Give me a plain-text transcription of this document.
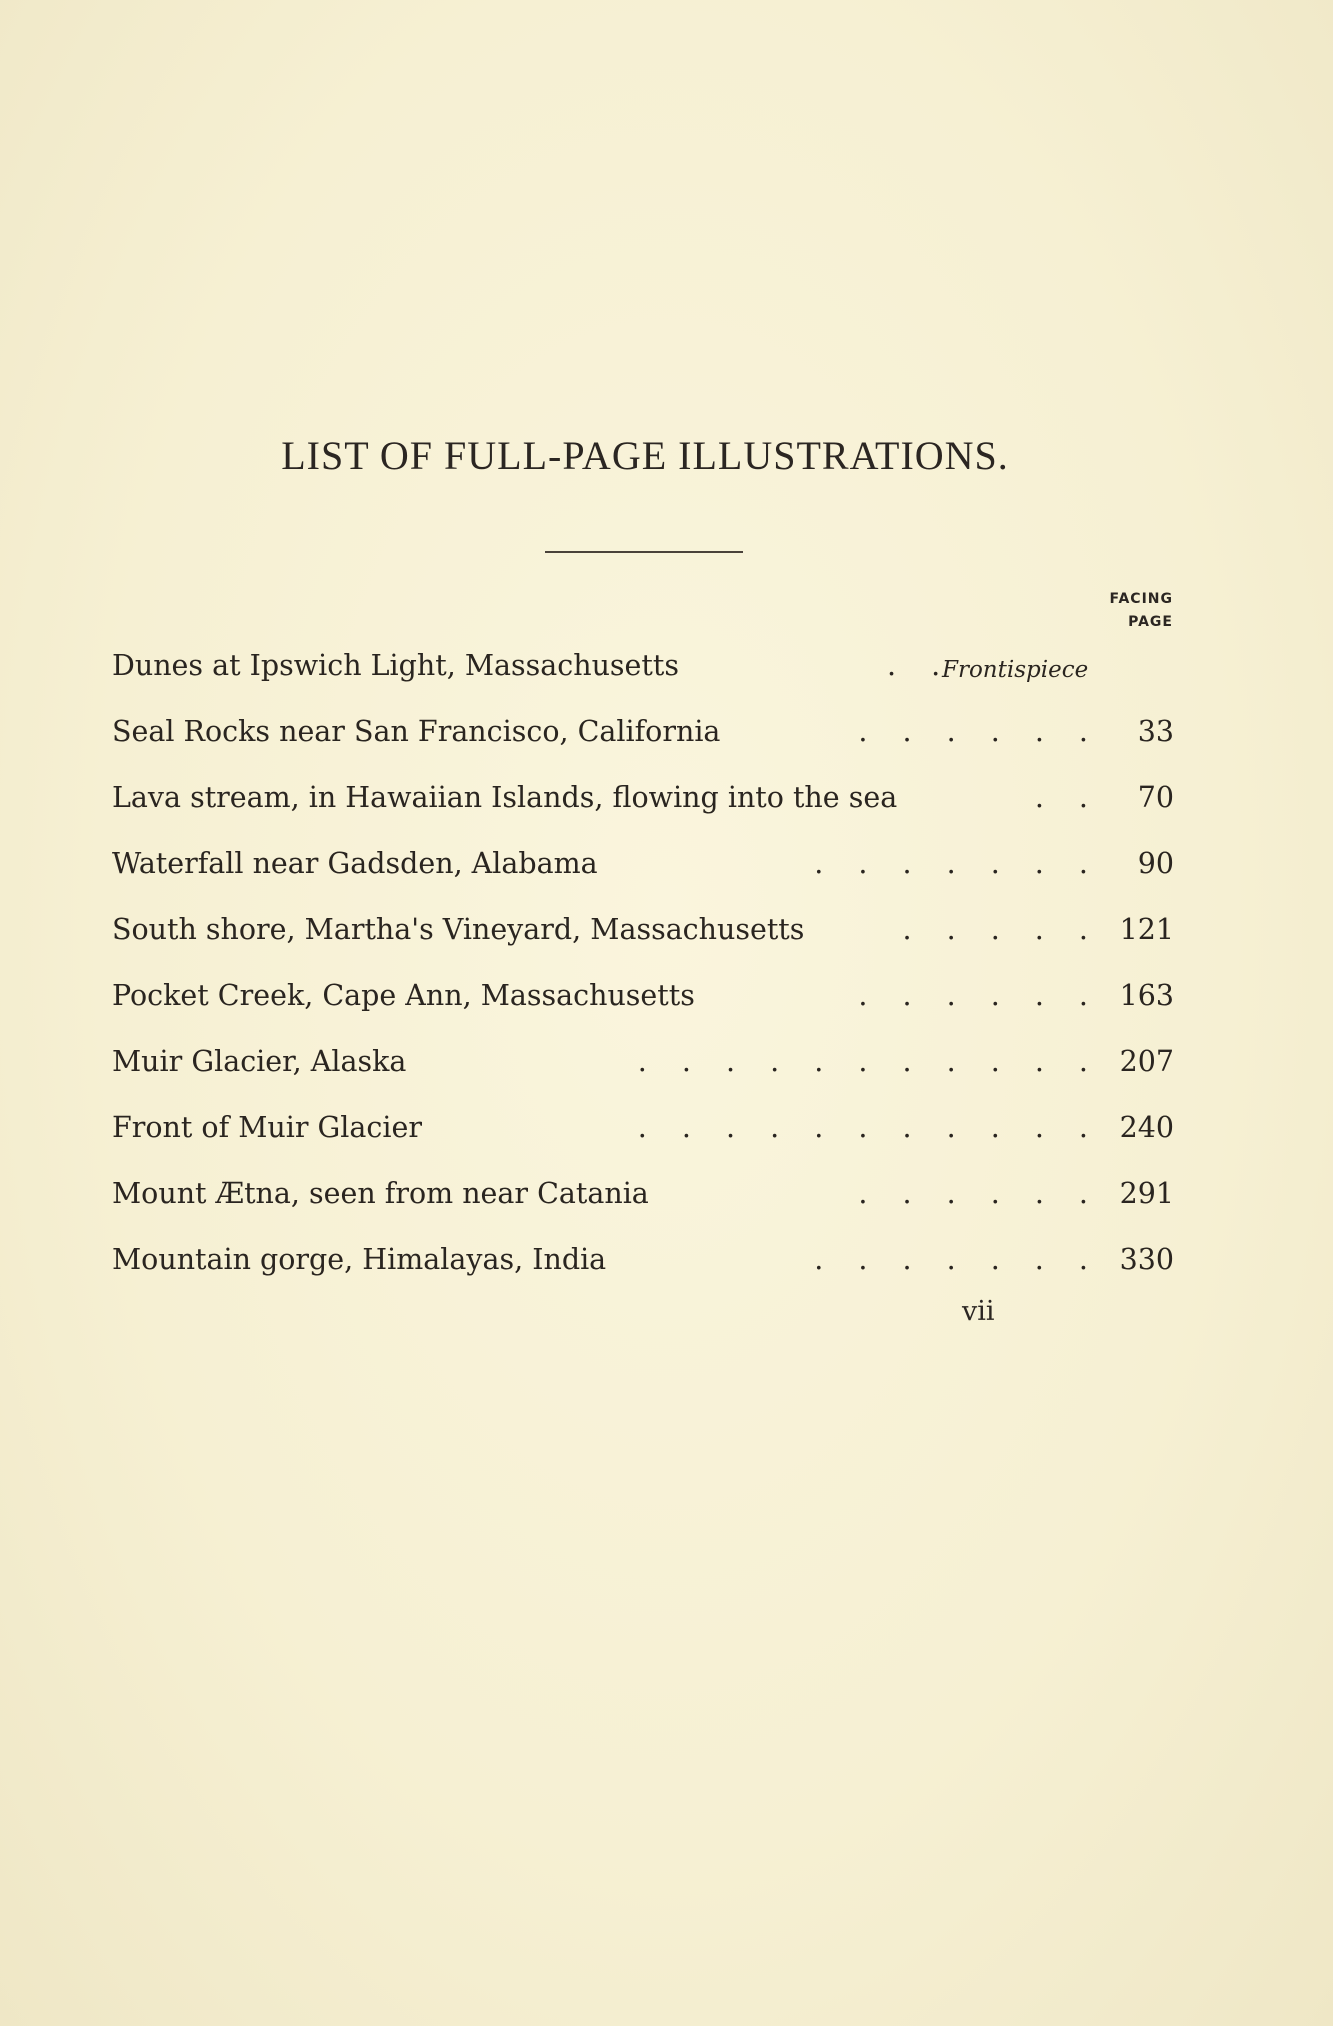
LIST OF FULL-PAGE ILLUSTRATIONS.
FACING
PAGE
Dunes at Ipswich Light, Massachusetts	. . Frontispiece
Seal Rocks near San Francisco, California	. . . . . .	33
Lava stream, in Hawaiian Islands, flowing into the sea	. .	70
Waterfall near Gadsden, Alabama	. . . . . . .	90
South shore, Martha's Vineyard, Massachusetts	. . . . . 121
Pocket Creek, Cape Ann, Massachusetts	. . . . . . 163
Muir Glacier, Alaska	. . . . . . . . . . . 207
Front of Muir Glacier	. . . . . . . . . . . 240
Mount Ætna, seen from near Catania	. . . . . . 291
Mountain gorge, Himalayas, India	. . . . . . . 330
vii
